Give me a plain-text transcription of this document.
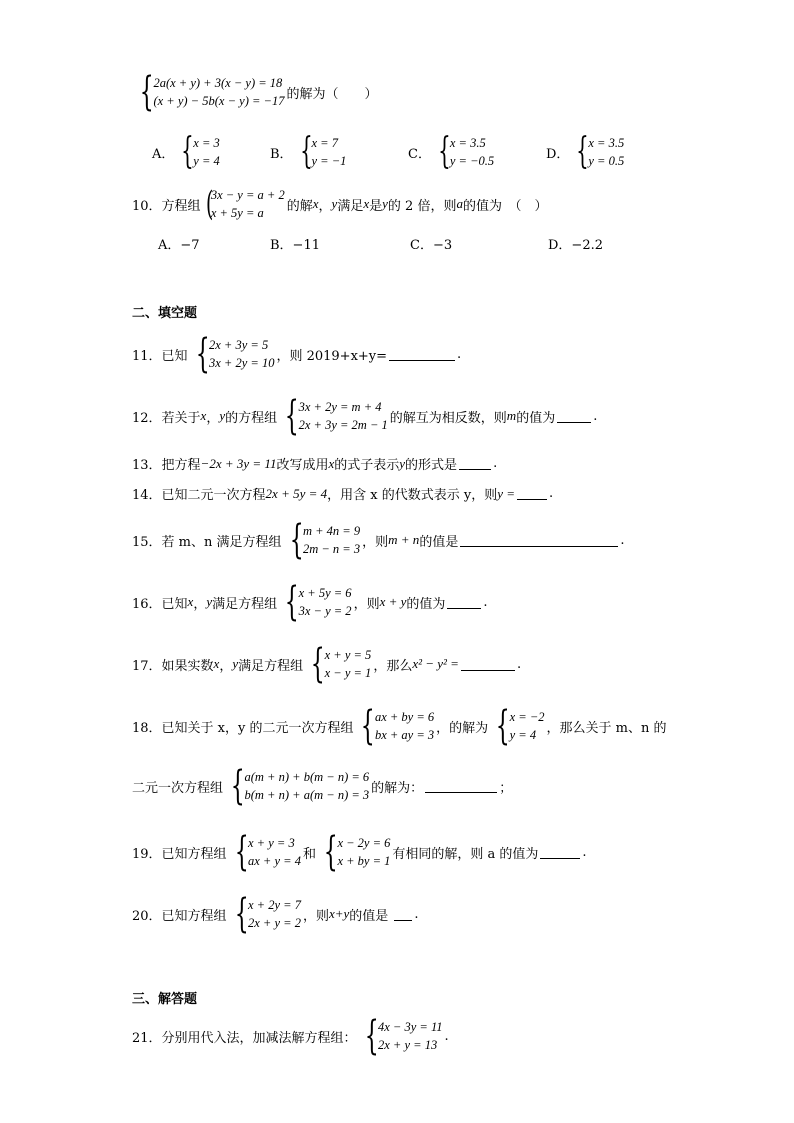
{ 2a(x + y) + 3(x − y) = 18
(x + y) − 5b(x − y) = −17 的解为（　　）
A． { x = 3
y = 4	B． { x = 7
y = −1	C． { x = 3.5
y = −0.5	D． { x = 3.5
y = 0.5
10．方程组 (
3x − y = a + 2
x + 5y = a	的解 x ， y 满足 x 是 y 的 2 倍，则 a 的值为　（　）
A．−7	B．−11	C．−3	D．−2.2
二、填空题
11．已知 { 2x + 3y = 5
3x + 2y = 10 ，则 2019+x+y=	.
12．若关于 x ， y 的方程组 { 3x + 2y = m + 4
2x + 3y = 2m − 1 的解互为相反数，则 m 的值为	.
13．把方程 −2x + 3y = 11 改写成用 x 的式子表示 y 的形式是	.
14．已知二元一次方程 2x + 5y = 4 ，用含 x 的代数式表示 y，则 y =	.
15．若 m、n 满足方程组 { m + 4n = 9
2m − n = 3 ，则 m + n 的值是	.
16．已知 x ， y 满足方程组 { x + 5y = 6
3x − y = 2 ，则 x + y 的值为	.
17．如果实数 x ， y 满足方程组 { x + y = 5
x − y = 1 ，那么 x² − y² =	.
18．已知关于 x，y 的二元一次方程组 { ax + by = 6
bx + ay = 3 ，的解为 { x = −2
y = 4 ，那么关于 m、n 的
二元一次方程组 { a(m + n) + b(m − n) = 6
b(m + n) + a(m − n) = 3 的解为：	；
19．已知方程组 { x + y = 3
ax + y = 4 和 { x − 2y = 6
x + by = 1 有相同的解，则 a 的值为	.
20．已知方程组 { x + 2y = 7
2x + y = 2 ，则 x+y 的值是 .
三、解答题
21．分别用代入法，加减法解方程组： { 4x − 3y = 11
2x + y = 13
.
